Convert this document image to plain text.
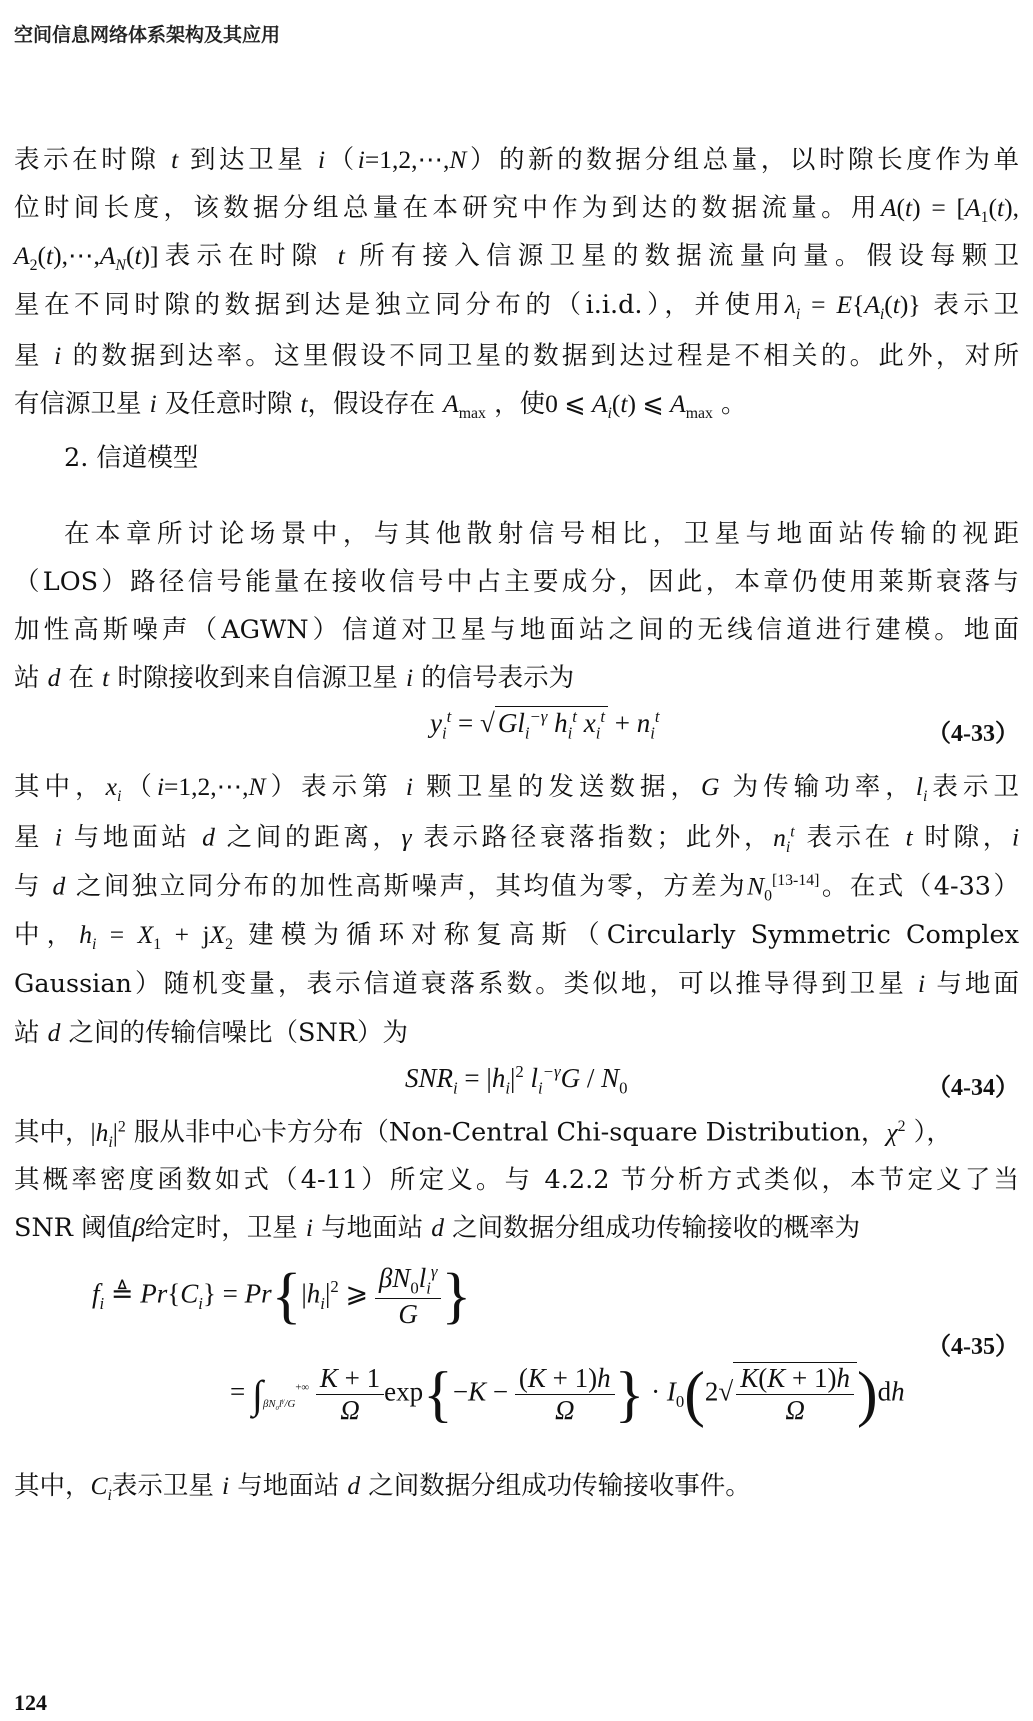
空间信息网络体系架构及其应用
表示在时隙 t 到达卫星 i（i=1,2,⋯,N）的新的数据分组总量，以时隙长度作为单
位时间长度，该数据分组总量在本研究中作为到达的数据流量。用$A(t) = [A_1(t)$,
$A_2(t),\cdots,A_N(t)$]表示在时隙 t 所有接入信源卫星的数据流量向量。假设每颗卫
星在不同时隙的数据到达是独立同分布的（i.i.d.），并使用$\lambda_i = E\{A_i(t)\}$ 表示卫
星 i 的数据到达率。这里假设不同卫星的数据到达过程是不相关的。此外，对所
有信源卫星 i 及任意时隙 t，假设存在 $A_{max}$ ，使0 ⩽ $A_i(t)$ ⩽ $A_{max}$ 。
2. 信道模型
在本章所讨论场景中，与其他散射信号相比，卫星与地面站传输的视距
（LOS）路径信号能量在接收信号中占主要成分，因此，本章仍使用莱斯衰落与
加性高斯噪声（AGWN）信道对卫星与地面站之间的无线信道进行建模。地面
站 d 在 t 时隙接收到来自信源卫星 i 的信号表示为
$y_i^t$ = √ $Gl_i^{-\gamma}$ $h_i^t$ $x_i^t + n_i^t$
（4-33）
其中，$x_i(i=1,2,\cdots,N)$表示第 i 颗卫星的发送数据，G 为传输功率，$l_i$表示卫
星 i 与地面站 d 之间的距离，γ 表示路径衰落指数；此外，$n_i^t$ 表示在 t 时隙，i
与 d 之间独立同分布的加性高斯噪声，其均值为零，方差为$N_0[13-14]$。在式（4-33）
中，$h_i = X_1 + jX_2$ 建模为循环对称复高斯（Circularly Symmetric Complex
Gaussian）随机变量，表示信道衰落系数。类似地，可以推导得到卫星 i 与地面
站 d 之间的传输信噪比（SNR）为
$SNR_i = |h_i|^2$ $l_i^{-\gamma}G / N_0$	（4-34）
其中，$|h_i|^2$ 服从非中心卡方分布（Non-Central Chi-square Distribution，$\chi^2$ ），
其概率密度函数如式（4-11）所定义。与 4.2.2 节分析方式类似，本节定义了当
SNR 阈值β给定时，卫星 i 与地面站 d 之间数据分组成功传输接收的概率为
$f_i$ ≜ $Pr\{C_i\} = Pr\{|h_i|^2$ ⩾ $\frac{\beta N_0l_i^\gamma}{G}$ }
= $\int_{\beta N_0l^\gamma/G}^{+\infty} \frac{K + 1}{\Omega} \exp\{-K - \frac{(K + 1)h}{\Omega}$ } · $I_0(2√ \frac{K(K + 1)h}{\Omega} )dh$
（4-35）
其中，$C_i$表示卫星 i 与地面站 d 之间数据分组成功传输接收事件。
124
